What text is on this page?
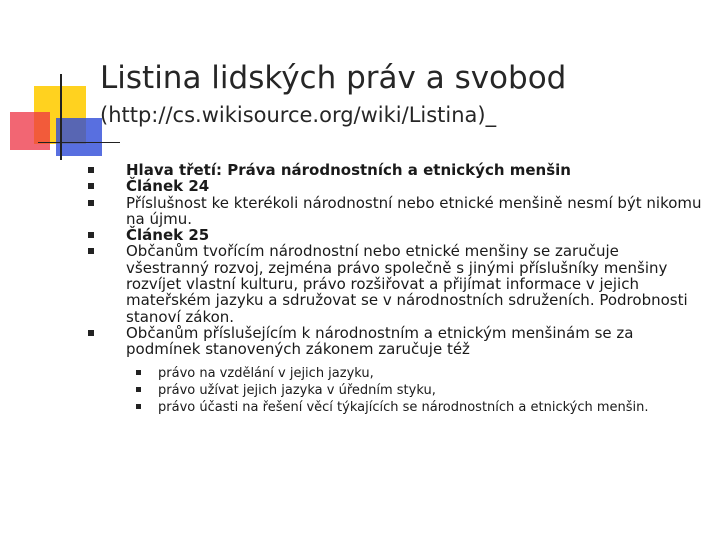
Listina lidských práv a svobod
(http://cs.wikisource.org/wiki/Listina)_
Hlava třetí: Práva národnostních a etnických menšin
Článek 24
Příslušnost ke kterékoli národnostní nebo etnické menšině nesmí být nikomu na újmu.
Článek 25
Občanům tvořícím národnostní nebo etnické menšiny se zaručuje všestranný rozvoj, zejména právo společně s jinými příslušníky menšiny rozvíjet vlastní kulturu, právo rozšiřovat a přijímat informace v jejich mateřském jazyku a sdružovat se v národnostních sdruženích. Podrobnosti stanoví zákon.
Občanům příslušejícím k národnostním a etnickým menšinám se za podmínek stanovených zákonem zaručuje též
právo na vzdělání v jejich jazyku,
právo užívat jejich jazyka v úředním styku,
právo účasti na řešení věcí týkajících se národnostních a etnických menšin.
